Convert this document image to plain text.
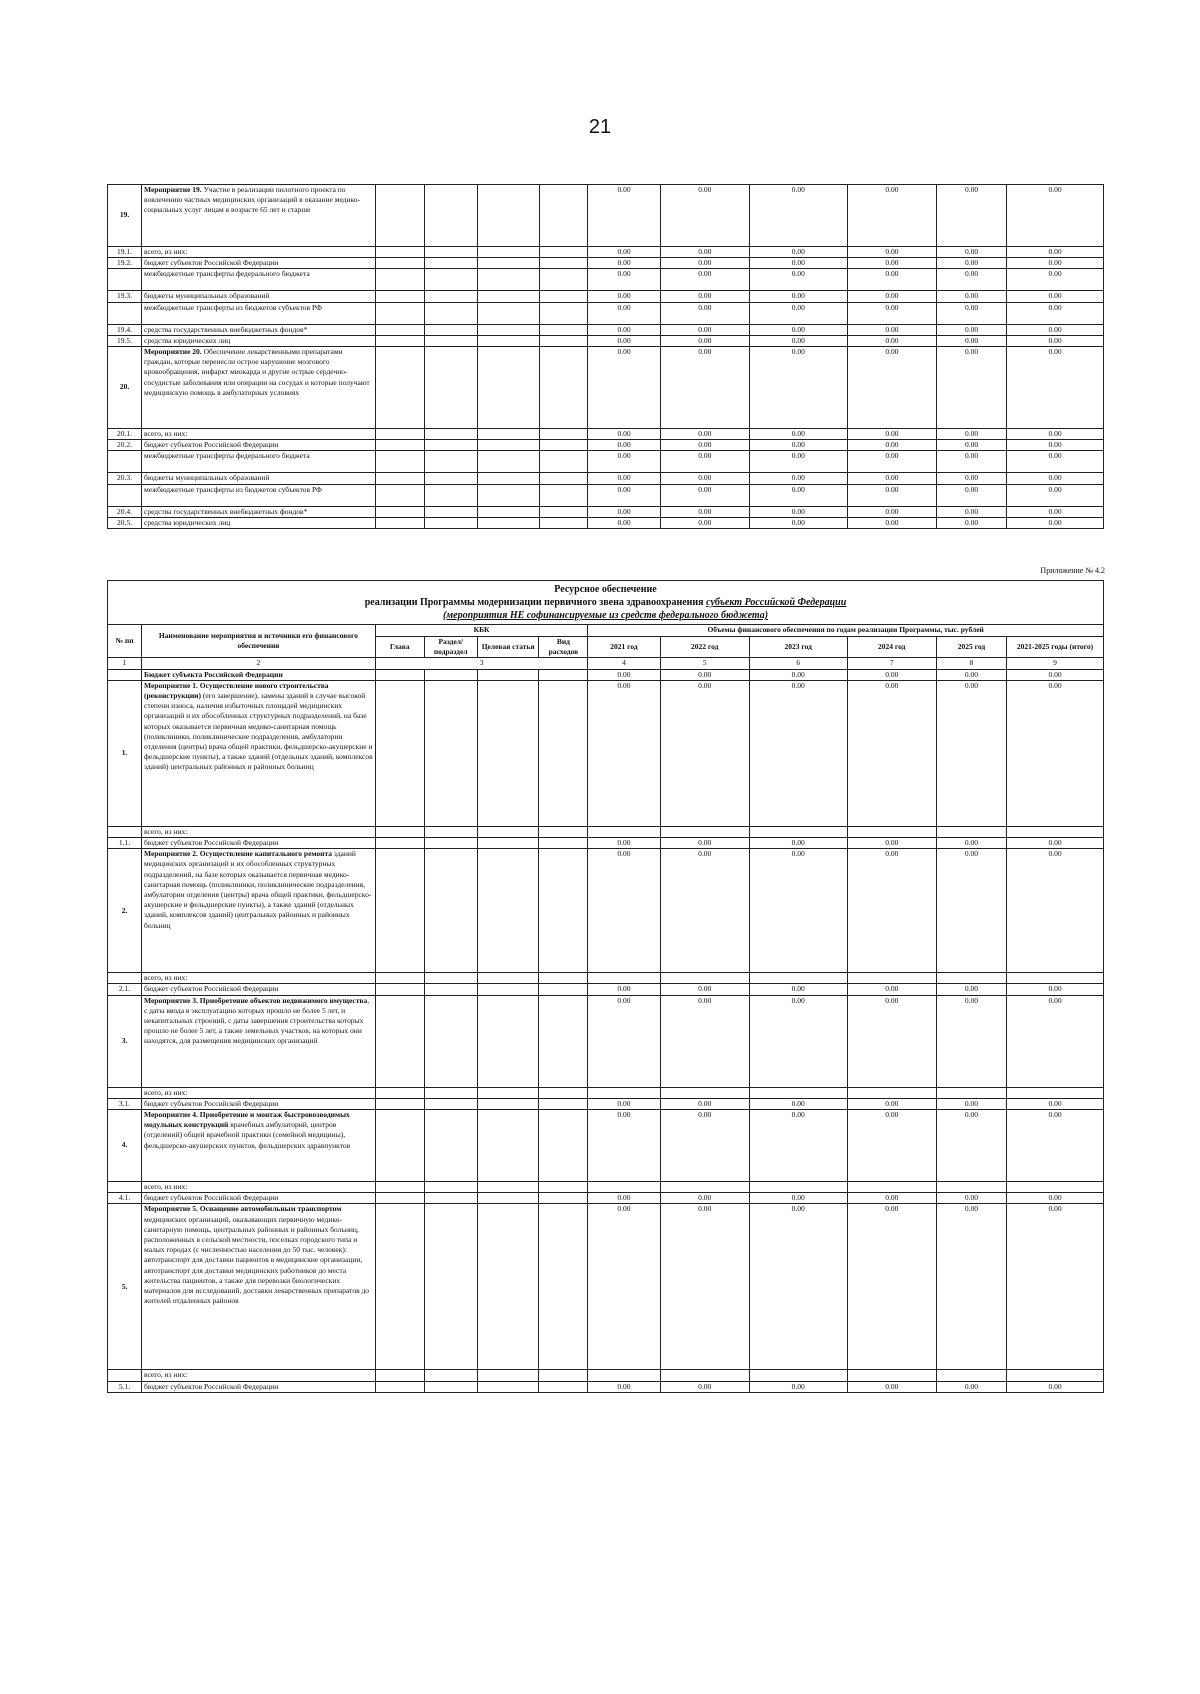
21
19.	Мероприятие 19. Участие в реализации пилотного проекта по вовлечению частных медицинских организаций в оказание медико-социальных услуг лицам в возрасте 65 лет и старше					0.00	0.00	0.00	0.00	0.00	0.00
19.1.	всего, из них:					0.00	0.00	0.00	0.00	0.00	0.00
19.2.	бюджет субъектов Российской Федерации					0.00	0.00	0.00	0.00	0.00	0.00
	межбюджетные трансферты федерального бюджета					0.00	0.00	0.00	0.00	0.00	0.00
19.3.	бюджеты муниципальных образований					0.00	0.00	0.00	0.00	0.00	0.00
	межбюджетные трансферты из бюджетов субъектов РФ					0.00	0.00	0.00	0.00	0.00	0.00
19.4.	средства государственных внебюджетных фондов*					0.00	0.00	0.00	0.00	0.00	0.00
19.5.	средства юридических лиц					0.00	0.00	0.00	0.00	0.00	0.00
20.	Мероприятие 20. Обеспечение лекарственными препаратами граждан, которые перенесли острое нарушение мозгового кровообращения, инфаркт миокарда и другие острые сердечно-сосудистые заболевания или операции на сосудах и которые получают медицинскую помощь в амбулаторных условиях					0.00	0.00	0.00	0.00	0.00	0.00
20.1.	всего, из них:					0.00	0.00	0.00	0.00	0.00	0.00
20.2.	бюджет субъектов Российской Федерации					0.00	0.00	0.00	0.00	0.00	0.00
	межбюджетные трансферты федерального бюджета					0.00	0.00	0.00	0.00	0.00	0.00
20.3.	бюджеты муниципальных образований					0.00	0.00	0.00	0.00	0.00	0.00
	межбюджетные трансферты из бюджетов субъектов РФ					0.00	0.00	0.00	0.00	0.00	0.00
20.4.	средства государственных внебюджетных фондов*					0.00	0.00	0.00	0.00	0.00	0.00
20.5.	средства юридических лиц					0.00	0.00	0.00	0.00	0.00	0.00
Приложение № 4.2
Ресурсное обеспечение
реализации Программы модернизации первичного звена здравоохранения субъект Российской Федерации
(мероприятия НЕ софинансируемые из средств федерального бюджета)											

№ пп	Наименование мероприятия и источники его финансового обеспечения	КБК				Объемы финансового обеспечения по годам реализации Программы, тыс. рублей					
		Глава	Раздел/ подраздел	Целевая статья	Вид расходов	2021 год	2022 год	2023 год	2024 год	2025 год	2021-2025 годы (итого)
1	2	3				4	5	6	7	8	9
	Бюджет субъекта Российской Федерации					0.00	0.00	0.00	0.00	0.00	0.00
1.	Мероприятие 1. Осуществление нового строительства (реконструкции) (его завершение), замены зданий в случае высокой степени износа, наличия избыточных площадей медицинских организаций и их обособленных структурных подразделений, на базе которых оказывается первичная медико-санитарная помощь (поликлиники, поликлинические подразделения, амбулатории отделения (центры) врача общей практики, фельдшерско-акушерские и фельдшерские пункты), а также зданий (отдельных зданий, комплексов зданий) центральных районных и районных больниц					0.00	0.00	0.00	0.00	0.00	0.00
	всего, из них:										
1.1.	бюджет субъектов Российской Федерации					0.00	0.00	0.00	0.00	0.00	0.00
2.	Мероприятие 2. Осуществление капитального ремонта зданий медицинских организаций и их обособленных структурных подразделений, на базе которых оказывается первичная медико-санитарная помощь (поликлиники, поликлинические подразделения, амбулатории отделения (центры) врача общей практики, фельдшерско-акушерские и фельдшерские пункты), а также зданий (отдельных зданий, комплексов зданий) центральных районных и районных больниц					0.00	0.00	0.00	0.00	0.00	0.00
	всего, из них:										
2.1.	бюджет субъектов Российской Федерации					0.00	0.00	0.00	0.00	0.00	0.00
3.	Мероприятие 3. Приобретение объектов недвижимого имущества, с даты ввода в эксплуатацию которых прошло не более 5 лет, и некапитальных строений, с даты завершения строительства которых прошло не более 5 лет, а также земельных участков, на которых они находятся, для размещения медицинских организаций					0.00	0.00	0.00	0.00	0.00	0.00
	всего, из них:										
3.1.	бюджет субъектов Российской Федерации					0.00	0.00	0.00	0.00	0.00	0.00
4.	Мероприятие 4. Приобретение и монтаж быстровозводимых модульных конструкций врачебных амбулаторий, центров (отделений) общей врачебной практики (семейной медицины), фельдшерско-акушерских пунктов, фельдшерских здравпунктов					0.00	0.00	0.00	0.00	0.00	0.00
	всего, из них:										
4.1.	бюджет субъектов Российской Федерации					0.00	0.00	0.00	0.00	0.00	0.00
5.	Мероприятие 5. Оснащение автомобильным транспортом медицинских организаций, оказывающих первичную медико-санитарную помощь, центральных районных и районных больниц, расположенных в сельской местности, поселках городского типа и малых городах (с численностью населения до 50 тыс. человек): автотранспорт для доставки пациентов в медицинские организации, автотранспорт для доставки медицинских работников до места жительства пациентов, а также для перевозки биологических материалов для исследований, доставки лекарственных препаратов до жителей отдаленных районов					0.00	0.00	0.00	0.00	0.00	0.00
	всего, из них:										
5.1.	бюджет субъектов Российской Федерации					0.00	0.00	0.00	0.00	0.00	0.00
